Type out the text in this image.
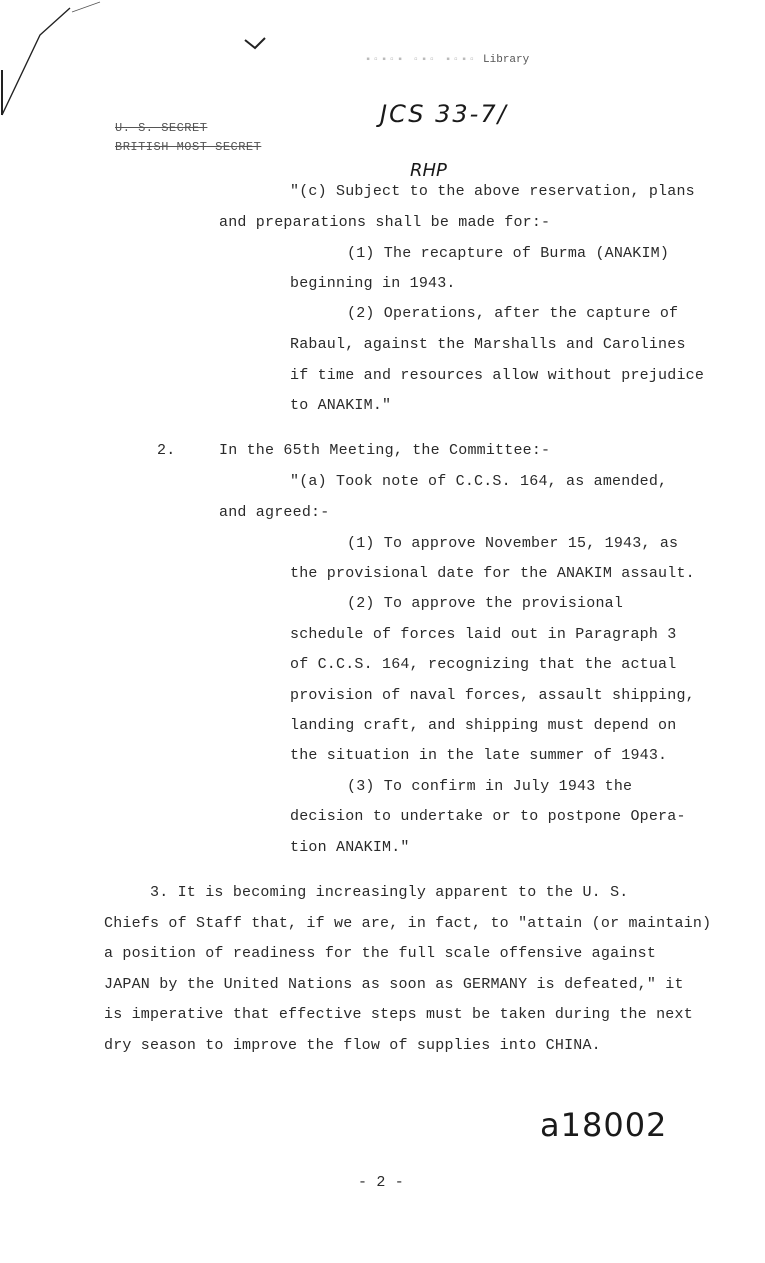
▪▫▪▫▪ ▫▪▫ ▪▫▪▫ Library
JCS 33-7/
U. S. SECRET
BRITISH MOST SECRET
RHP
"(c) Subject to the above reservation, plans
and preparations shall be made for:-
(1) The recapture of Burma (ANAKIM)
beginning in 1943.
(2) Operations, after the capture of
Rabaul, against the Marshalls and Carolines
if time and resources allow without prejudice
to ANAKIM."
2.	In the 65th Meeting, the Committee:-
"(a) Took note of C.C.S. 164, as amended,
and agreed:-
(1) To approve November 15, 1943, as
the provisional date for the ANAKIM assault.
(2) To approve the provisional
schedule of forces laid out in Paragraph 3
of C.C.S. 164, recognizing that the actual
provision of naval forces, assault shipping,
landing craft, and shipping must depend on
the situation in the late summer of 1943.
(3) To confirm in July 1943 the
decision to undertake or to postpone Opera-
tion ANAKIM."
3. It is becoming increasingly apparent to the U. S.
Chiefs of Staff that, if we are, in fact, to "attain (or maintain)
a position of readiness for the full scale offensive against
JAPAN by the United Nations as soon as GERMANY is defeated," it
is imperative that effective steps must be taken during the next
dry season to improve the flow of supplies into CHINA.
a18002
- 2 -
